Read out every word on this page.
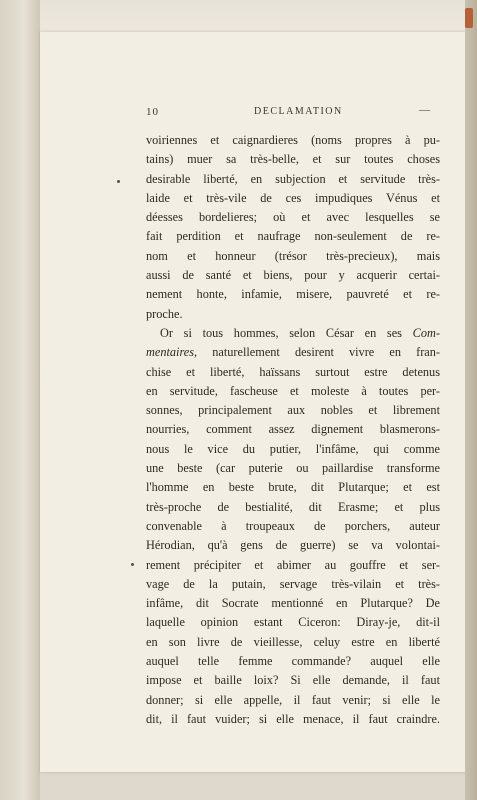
10	DECLAMATION	—
voiriennes et caignardieres (noms propres à pu-
tains) muer sa très-belle, et sur toutes choses
desirable liberté, en subjection et servitude très-
laide et très-vile de ces impudiques Vénus et
déesses bordelieres; où et avec lesquelles se
fait perdition et naufrage non-seulement de re-
nom et honneur (trésor très-precieux), mais
aussi de santé et biens, pour y acquerir certai-
nement honte, infamie, misere, pauvreté et re-
proche.
Or si tous hommes, selon César en ses Com-
mentaires, naturellement desirent vivre en fran-
chise et liberté, haïssans surtout estre detenus
en servitude, fascheuse et moleste à toutes per-
sonnes, principalement aux nobles et librement
nourries, comment assez dignement blasmerons-
nous le vice du putier, l'infâme, qui comme
une beste (car puterie ou paillardise transforme
l'homme en beste brute, dit Plutarque; et est
très-proche de bestialité, dit Erasme; et plus
convenable à troupeaux de porchers, auteur
Hérodian, qu'à gens de guerre) se va volontai-
rement précipiter et abimer au gouffre et ser-
vage de la putain, servage très-vilain et très-
infâme, dit Socrate mentionné en Plutarque? De
laquelle opinion estant Ciceron: Diray-je, dit-il
en son livre de vieillesse, celuy estre en liberté
auquel telle femme commande? auquel elle
impose et baille loix? Si elle demande, il faut
donner; si elle appelle, il faut venir; si elle le
dit, il faut vuider; si elle menace, il faut craindre.
